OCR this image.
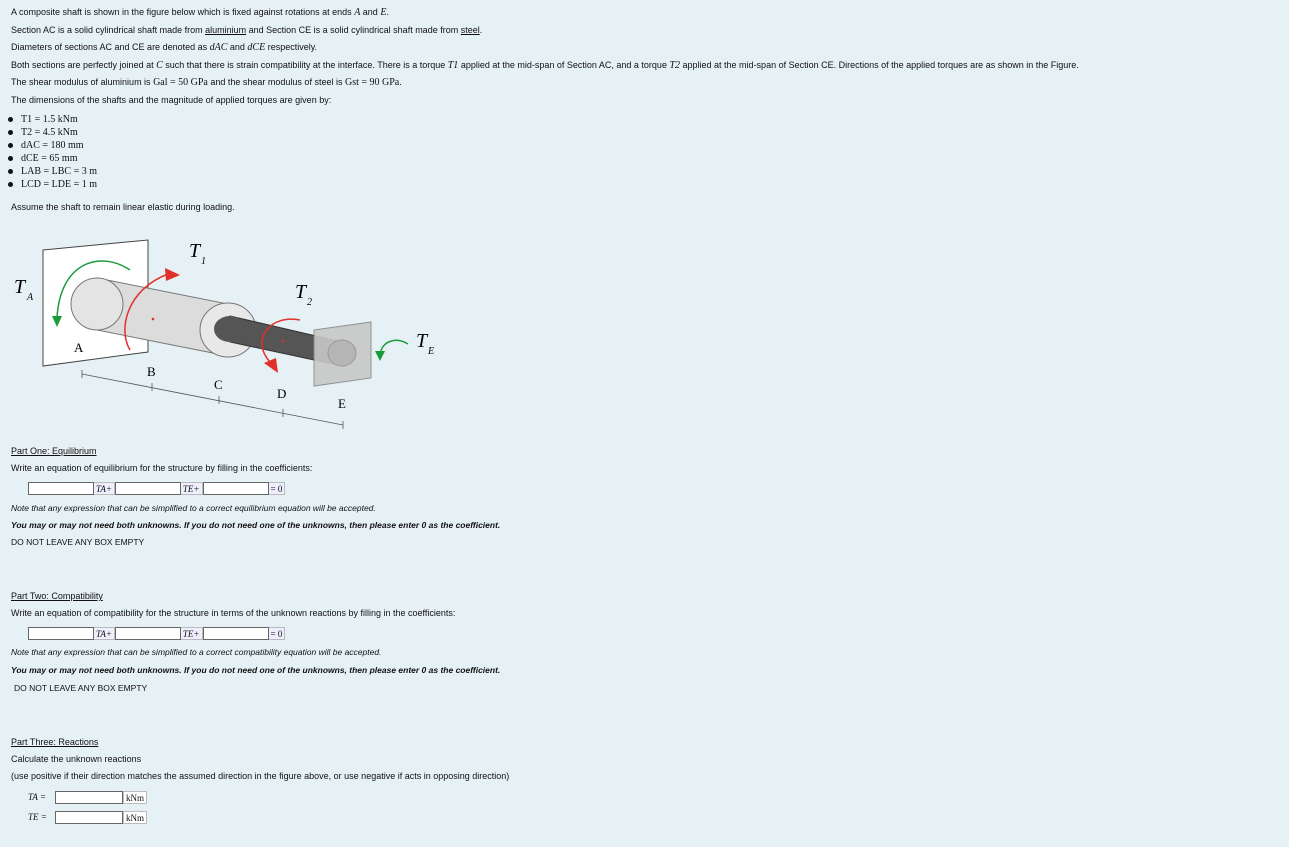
A composite shaft is shown in the figure below which is fixed against rotations at ends A and E.

Section AC is a solid cylindrical shaft made from aluminium and Section CE is a solid cylindrical shaft made from steel.

Diameters of sections AC and CE are denoted as dAC and dCE respectively.

Both sections are perfectly joined at C such that there is strain compatibility at the interface. There is a torque T1 applied at the mid-span of Section AC, and a torque T2 applied at the mid-span of Section CE. Directions of the applied torques are as shown in the Figure.

The shear modulus of aluminium is Gal = 50 GPa and the shear modulus of steel is Gst = 90 GPa.

The dimensions of the shafts and the magnitude of applied torques are given by:

T1 = 1.5 kNm
T2 = 4.5 kNm
dAC = 180 mm
dCE = 65 mm
LAB = LBC = 3 m
LCD = LDE = 1 m

Assume the shaft to remain linear elastic during loading.

T A
T 1
T 2
T E
A
B
C
D
E

Part One: Equilibrium

Write an equation of equilibrium for the structure by filling in the coefficients:

TA+	TE+	= 0

Note that any expression that can be simplified to a correct equilibrium equation will be accepted.

You may or may not need both unknowns. If you do not need one of the unknowns, then please enter 0 as the coefficient.

DO NOT LEAVE ANY BOX EMPTY

Part Two: Compatibility

Write an equation of compatibility for the structure in terms of the unknown reactions by filling in the coefficients:

TA+	TE+	= 0

Note that any expression that can be simplified to a correct compatibility equation will be accepted.

You may or may not need both unknowns. If you do not need one of the unknowns, then please enter 0 as the coefficient.

DO NOT LEAVE ANY BOX EMPTY

Part Three: Reactions

Calculate the unknown reactions

(use positive if their direction matches the assumed direction in the figure above, or use negative if acts in opposing direction)

TA =	kNm
TE =	kNm
